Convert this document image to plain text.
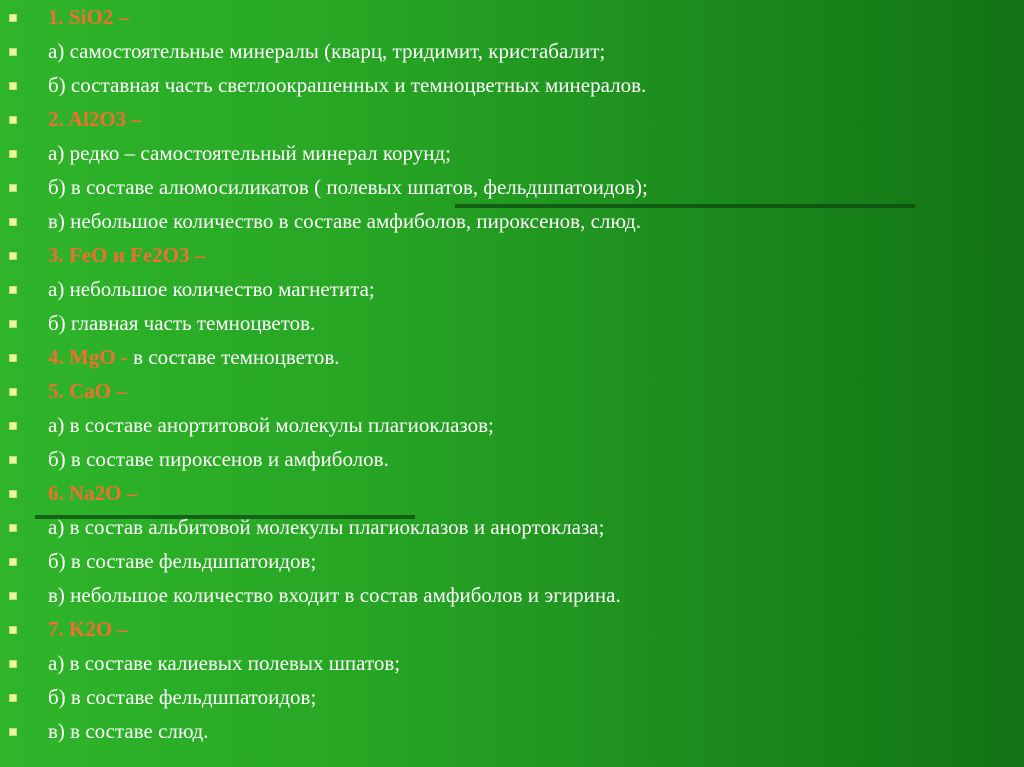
1. SiO2 –
а) самостоятельные минералы (кварц, тридимит, кристабалит;
б) составная часть светлоокрашенных и темноцветных минералов.
2. Al2O3 –
а) редко – самостоятельный минерал корунд;
б) в составе алюмосиликатов ( полевых шпатов, фельдшпатоидов);
в) небольшое количество в составе амфиболов, пироксенов, слюд.
3. FeO и Fe2O3 –
а) небольшое количество магнетита;
б) главная часть темноцветов.
4. MgO - в составе темноцветов.
5. CaO –
а) в составе анортитовой молекулы плагиоклазов;
б) в составе пироксенов и амфиболов.
6. Na2O –
а) в состав альбитовой молекулы плагиоклазов и анортоклаза;
б) в составе фельдшпатоидов;
в) небольшое количество входит в состав амфиболов и эгирина.
7. K2O –
а) в составе калиевых полевых шпатов;
б) в составе фельдшпатоидов;
в) в составе слюд.
